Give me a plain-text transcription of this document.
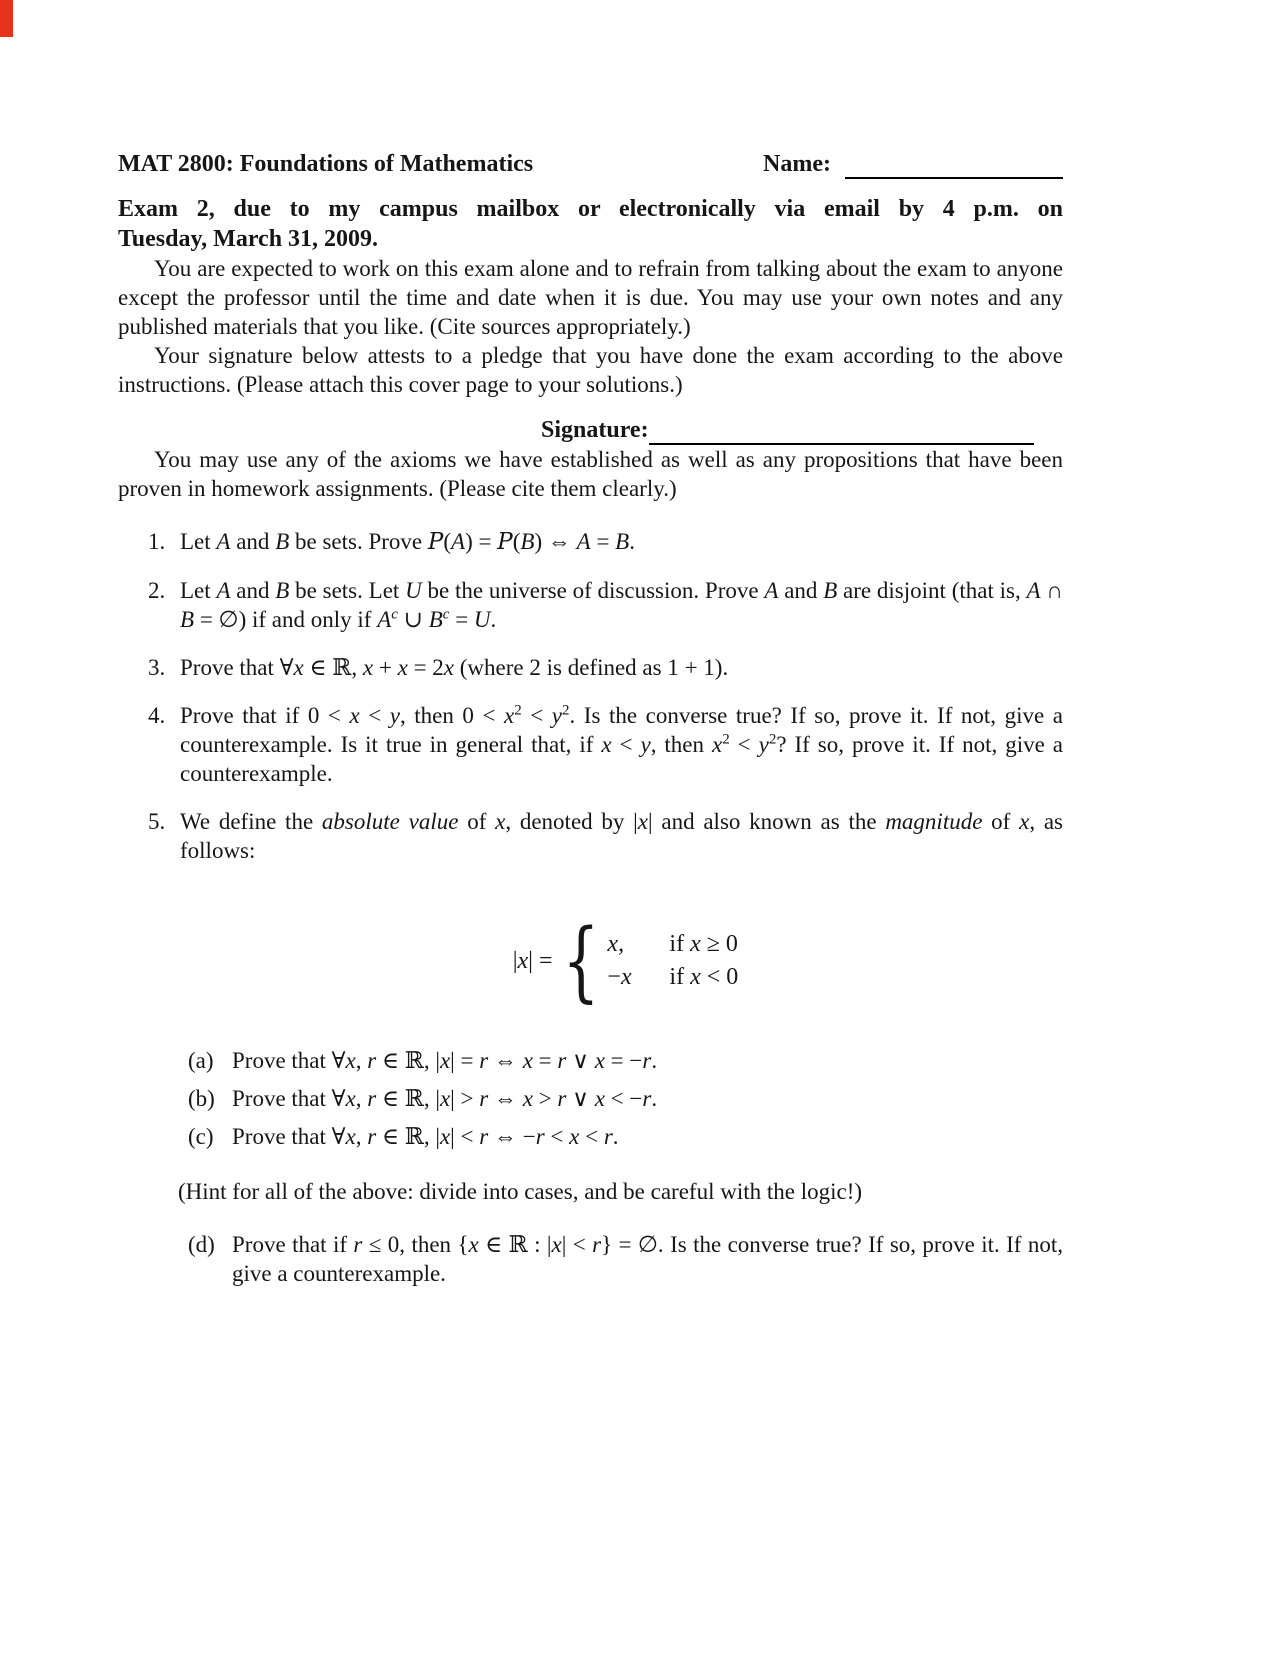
MAT 2800: Foundations of Mathematics	Name:
Exam 2, due to my campus mailbox or electronically via email by 4 p.m. on
Tuesday, March 31, 2009.

You are expected to work on this exam alone and to refrain from talking about the exam to anyone except the professor until the time and date when it is due. You may use your own notes and any published materials that you like. (Cite sources appropriately.)

Your signature below attests to a pledge that you have done the exam according to the above instructions. (Please attach this cover page to your solutions.)

Signature:

You may use any of the axioms we have established as well as any propositions that have been proven in homework assignments. (Please cite them clearly.)

1. Let A and B be sets. Prove P(A) = P(B) ⇔ A = B.
2. Let A and B be sets. Let U be the universe of discussion. Prove A and B are disjoint (that is, A ∩ B = ∅) if and only if $A^c$ ∪ $B^c = U$.
3. Prove that ∀x ∈ ℝ, x + x = 2x (where 2 is defined as 1 + 1).
4. Prove that if 0 < x < y, then $0 < x^2 < y^2$. Is the converse true? If so, prove it. If not, give a counterexample. Is it true in general that, if x < y, then $x^2 < y^2$? If so, prove it. If not, give a counterexample.
5. We define the absolute value of x, denoted by |x| and also known as the magnitude of x, as follows:
|x| = { x,	if x ≥ 0
−x	if x < 0
(a) Prove that ∀x, r ∈ ℝ, |x| = r ⇔ x = r ∨ x = −r.
(b) Prove that ∀x, r ∈ ℝ, |x| > r ⇔ x > r ∨ x < −r.
(c) Prove that ∀x, r ∈ ℝ, |x| < r ⇔ −r < x < r.
(Hint for all of the above: divide into cases, and be careful with the logic!)
(d) Prove that if r ≤ 0, then {x ∈ ℝ : |x| < r} = ∅. Is the converse true? If so, prove it. If not, give a counterexample.
